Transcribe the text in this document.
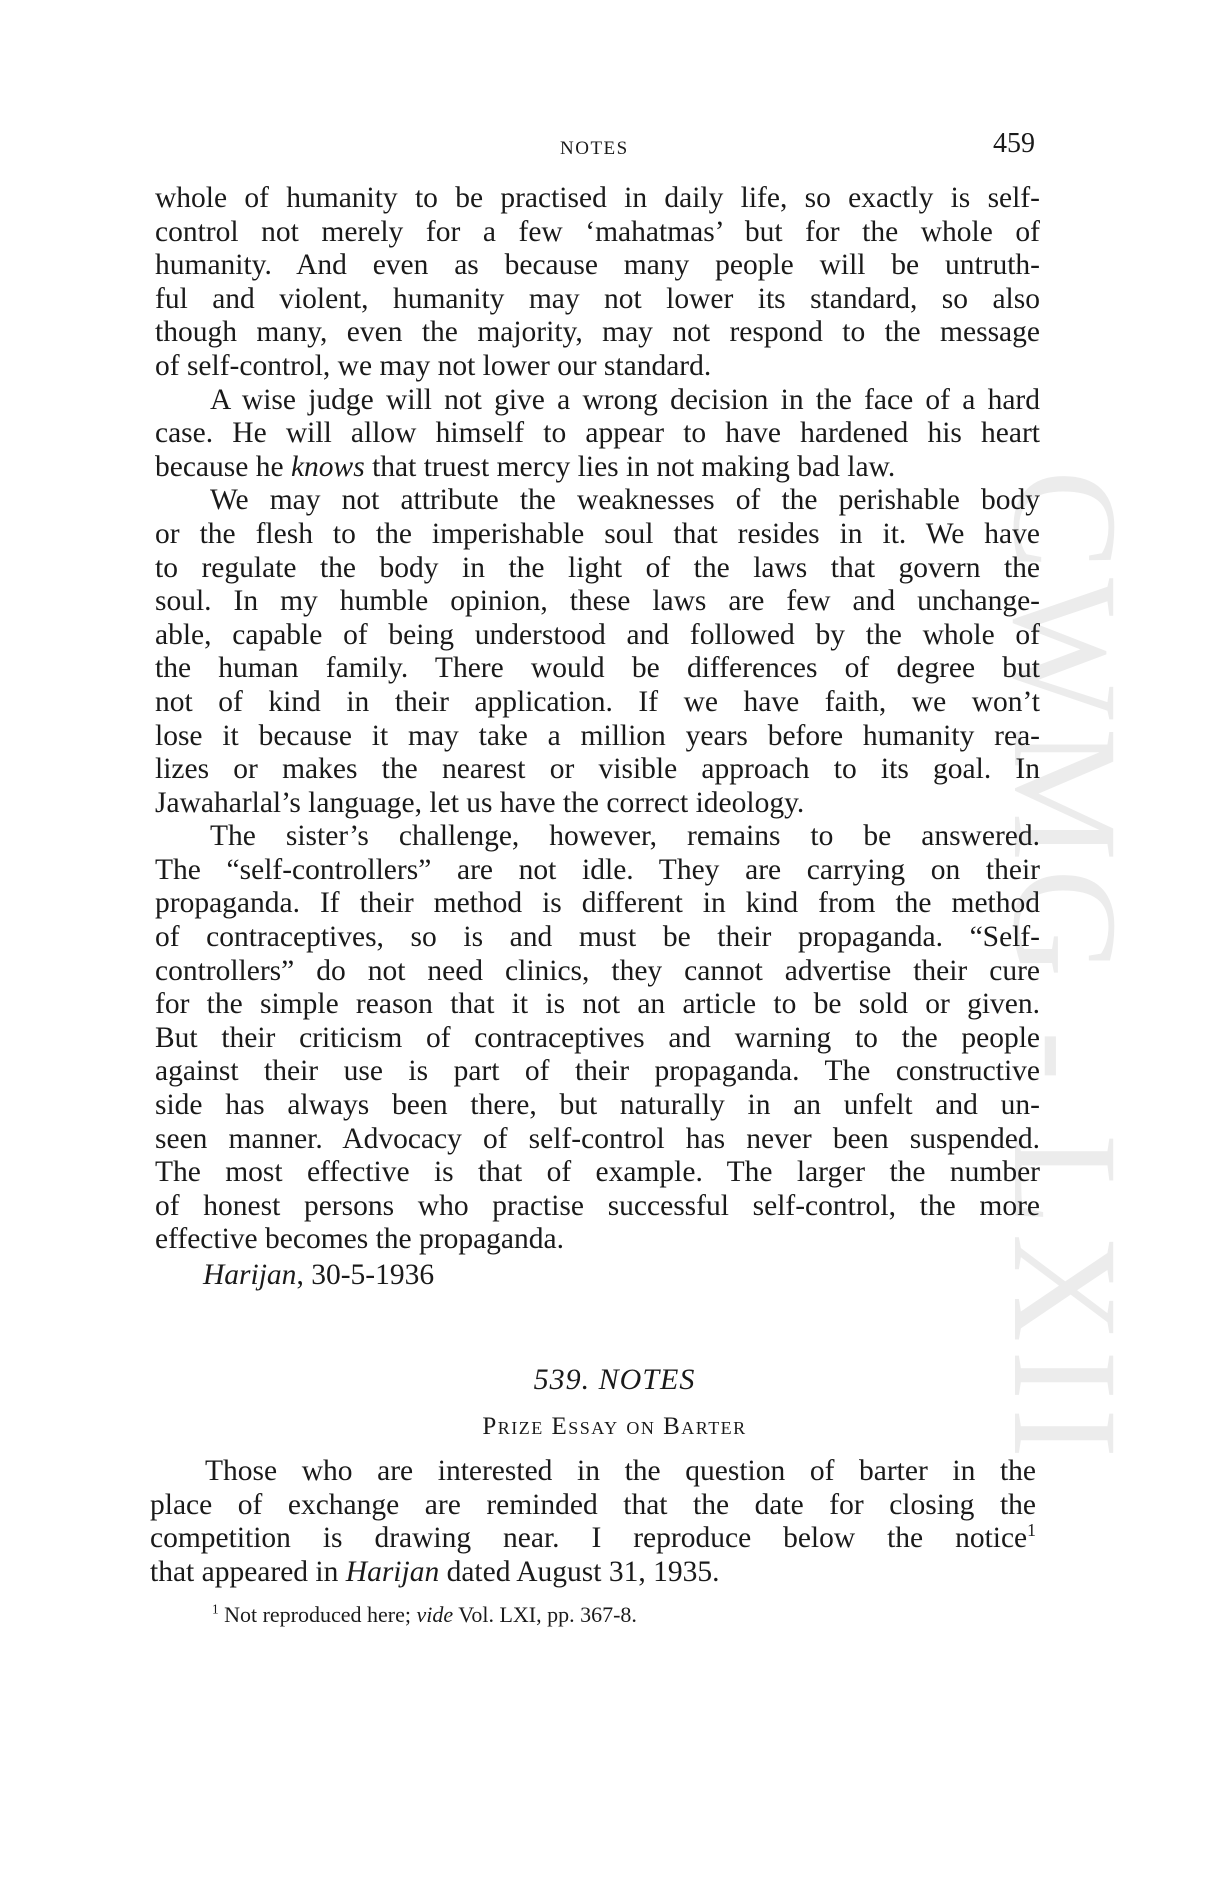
CWMG - LXII
NOTES	459

whole of humanity to be practised in daily life, so exactly is self-
control not merely for a few ‘mahatmas’ but for the whole of
humanity. And even as because many people will be untruth-
ful and violent, humanity may not lower its standard, so also
though many, even the majority, may not respond to the message
of self-control, we may not lower our standard.

A wise judge will not give a wrong decision in the face of a hard
case. He will allow himself to appear to have hardened his heart
because he knows that truest mercy lies in not making bad law.

We may not attribute the weaknesses of the perishable body
or the flesh to the imperishable soul that resides in it. We have
to regulate the body in the light of the laws that govern the
soul. In my humble opinion, these laws are few and unchange-
able, capable of being understood and followed by the whole of
the human family. There would be differences of degree but
not of kind in their application. If we have faith, we won’t
lose it because it may take a million years before humanity rea-
lizes or makes the nearest or visible approach to its goal. In
Jawaharlal’s language, let us have the correct ideology.

The sister’s challenge, however, remains to be answered.
The “self-controllers” are not idle. They are carrying on their
propaganda. If their method is different in kind from the method
of contraceptives, so is and must be their propaganda. “Self-
controllers” do not need clinics, they cannot advertise their cure
for the simple reason that it is not an article to be sold or given.
But their criticism of contraceptives and warning to the people
against their use is part of their propaganda. The constructive
side has always been there, but naturally in an unfelt and un-
seen manner. Advocacy of self-control has never been suspended.
The most effective is that of example. The larger the number
of honest persons who practise successful self-control, the more
effective becomes the propaganda.

Harijan, 30-5-1936
539. NOTES
Prize Essay on Barter

Those who are interested in the question of barter in the
place of exchange are reminded that the date for closing the
competition is drawing near. I reproduce below the notice$^1$
that appeared in Harijan dated August 31, 1935.

$^1$ Not reproduced here; vide Vol. LXI, pp. 367-8.
